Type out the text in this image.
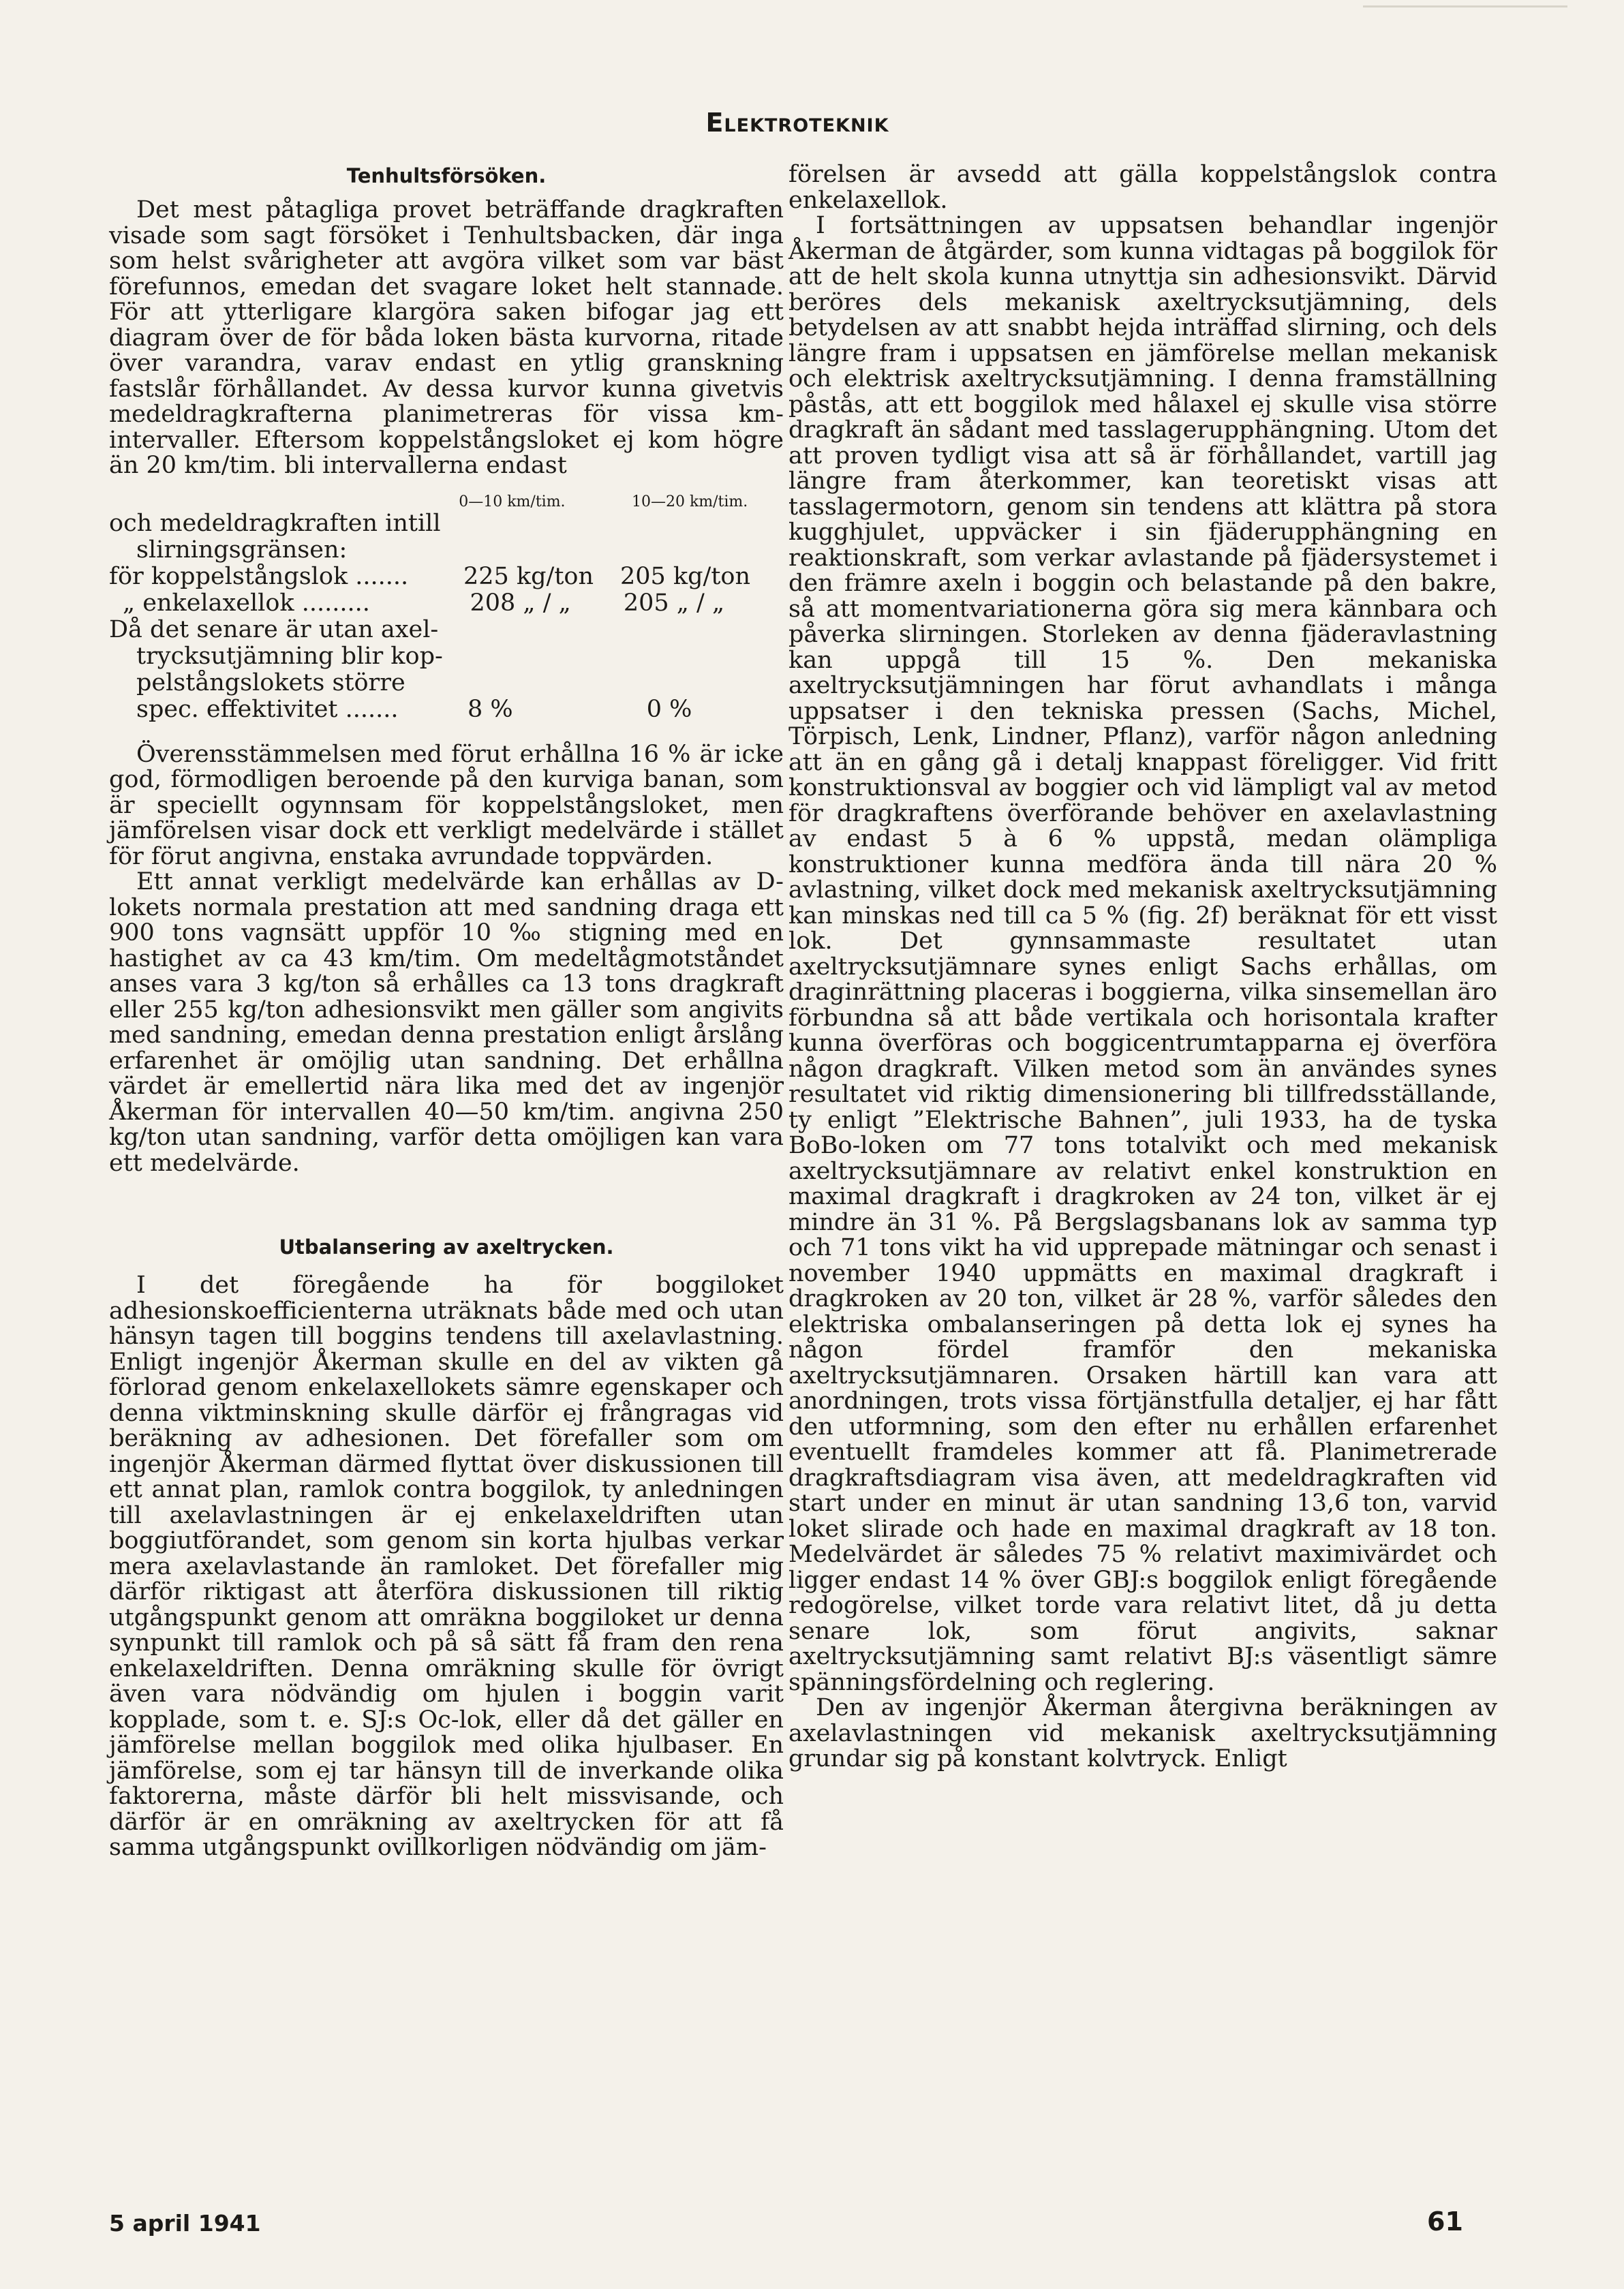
Elektroteknik

Tenhultsförsöken.

Det mest påtagliga provet beträffande dragkraften visade som sagt försöket i Tenhultsbacken, där inga som helst svårigheter att avgöra vilket som var bäst förefunnos, emedan det svagare loket helt stannade. För att ytterligare klargöra saken bifogar jag ett diagram över de för båda loken bästa kurvorna, ritade över varandra, varav endast en ytlig granskning fastslår förhållandet. Av dessa kurvor kunna givetvis medeldragkrafterna planimetreras för vissa km-intervaller. Eftersom koppelstångsloket ej kom högre än 20 km/tim. bli intervallerna endast

0—10 km/tim.	10—20 km/tim.
och medeldragkraften intill
slirningsgränsen:
för koppelstångslok .......	225 kg/ton	205 kg/ton
„ enkelaxellok .........	208 „ / „	205 „ / „
Då det senare är utan axel-
trycksutjämning blir kop-
pelstångslokets större
spec. effektivitet .......	8 %	0 %

Överensstämmelsen med förut erhållna 16 % är icke god, förmodligen beroende på den kurviga banan, som är speciellt ogynnsam för koppelstångsloket, men jämförelsen visar dock ett verkligt medelvärde i stället för förut angivna, enstaka avrundade toppvärden.

Ett annat verkligt medelvärde kan erhållas av D-lokets normala prestation att med sandning draga ett 900 tons vagnsätt uppför 10 ‰ stigning med en hastighet av ca 43 km/tim. Om medeltågmotståndet anses vara 3 kg/ton så erhålles ca 13 tons dragkraft eller 255 kg/ton adhesionsvikt men gäller som angivits med sandning, emedan denna prestation enligt årslång erfarenhet är omöjlig utan sandning. Det erhållna värdet är emellertid nära lika med det av ingenjör Åkerman för intervallen 40—50 km/tim. angivna 250 kg/ton utan sandning, varför detta omöjligen kan vara ett medelvärde.

Utbalansering av axeltrycken.

I det föregående ha för boggiloket adhesionskoefficienterna uträknats både med och utan hänsyn tagen till boggins tendens till axelavlastning. Enligt ingenjör Åkerman skulle en del av vikten gå förlorad genom enkelaxellokets sämre egenskaper och denna viktminskning skulle därför ej frångragas vid beräkning av adhesionen. Det förefaller som om ingenjör Åkerman därmed flyttat över diskussionen till ett annat plan, ramlok contra boggilok, ty anledningen till axelavlastningen är ej enkelaxeldriften utan boggiutförandet, som genom sin korta hjulbas verkar mera axelavlastande än ramloket. Det förefaller mig därför riktigast att återföra diskussionen till riktig utgångspunkt genom att omräkna boggiloket ur denna synpunkt till ramlok och på så sätt få fram den rena enkelaxeldriften. Denna omräkning skulle för övrigt även vara nödvändig om hjulen i boggin varit kopplade, som t. e. SJ:s Oc-lok, eller då det gäller en jämförelse mellan boggilok med olika hjulbaser. En jämförelse, som ej tar hänsyn till de inverkande olika faktorerna, måste därför bli helt missvisande, och därför är en omräkning av axeltrycken för att få samma utgångspunkt ovillkorligen nödvändig om jäm-

förelsen är avsedd att gälla koppelstångslok contra enkelaxellok.

I fortsättningen av uppsatsen behandlar ingenjör Åkerman de åtgärder, som kunna vidtagas på boggilok för att de helt skola kunna utnyttja sin adhesionsvikt. Därvid beröres dels mekanisk axeltrycksutjämning, dels betydelsen av att snabbt hejda inträffad slirning, och dels längre fram i uppsatsen en jämförelse mellan mekanisk och elektrisk axeltrycksutjämning. I denna framställning påstås, att ett boggilok med hålaxel ej skulle visa större dragkraft än sådant med tasslagerupphängning. Utom det att proven tydligt visa att så är förhållandet, vartill jag längre fram återkommer, kan teoretiskt visas att tasslagermotorn, genom sin tendens att klättra på stora kugghjulet, uppväcker i sin fjäderupphängning en reaktionskraft, som verkar avlastande på fjädersystemet i den främre axeln i boggin och belastande på den bakre, så att momentvariationerna göra sig mera kännbara och påverka slirningen. Storleken av denna fjäderavlastning kan uppgå till 15 %. Den mekaniska axeltrycksutjämningen har förut avhandlats i många uppsatser i den tekniska pressen (Sachs, Michel, Törpisch, Lenk, Lindner, Pflanz), varför någon anledning att än en gång gå i detalj knappast föreligger. Vid fritt konstruktionsval av boggier och vid lämpligt val av metod för dragkraftens överförande behöver en axelavlastning av endast 5 à 6 % uppstå, medan olämpliga konstruktioner kunna medföra ända till nära 20 % avlastning, vilket dock med mekanisk axeltrycksutjämning kan minskas ned till ca 5 % (fig. 2f) beräknat för ett visst lok. Det gynnsammaste resultatet utan axeltrycksutjämnare synes enligt Sachs erhållas, om draginrättning placeras i boggierna, vilka sinsemellan äro förbundna så att både vertikala och horisontala krafter kunna överföras och boggicentrumtapparna ej överföra någon dragkraft. Vilken metod som än användes synes resultatet vid riktig dimensionering bli tillfredsställande, ty enligt ”Elektrische Bahnen”, juli 1933, ha de tyska BoBo-loken om 77 tons totalvikt och med mekanisk axeltrycksutjämnare av relativt enkel konstruktion en maximal dragkraft i dragkroken av 24 ton, vilket är ej mindre än 31 %. På Bergslagsbanans lok av samma typ och 71 tons vikt ha vid upprepade mätningar och senast i november 1940 uppmätts en maximal dragkraft i dragkroken av 20 ton, vilket är 28 %, varför således den elektriska ombalanseringen på detta lok ej synes ha någon fördel framför den mekaniska axeltrycksutjämnaren. Orsaken härtill kan vara att anordningen, trots vissa förtjänstfulla detaljer, ej har fått den utformning, som den efter nu erhållen erfarenhet eventuellt framdeles kommer att få. Planimetrerade dragkraftsdiagram visa även, att medeldragkraften vid start under en minut är utan sandning 13,6 ton, varvid loket slirade och hade en maximal dragkraft av 18 ton. Medelvärdet är således 75 % relativt maximivärdet och ligger endast 14 % över GBJ:s boggilok enligt föregående redogörelse, vilket torde vara relativt litet, då ju detta senare lok, som förut angivits, saknar axeltrycksutjämning samt relativt BJ:s väsentligt sämre spänningsfördelning och reglering.

Den av ingenjör Åkerman återgivna beräkningen av axelavlastningen vid mekanisk axeltrycksutjämning grundar sig på konstant kolvtryck. Enligt

5 april 1941	61
